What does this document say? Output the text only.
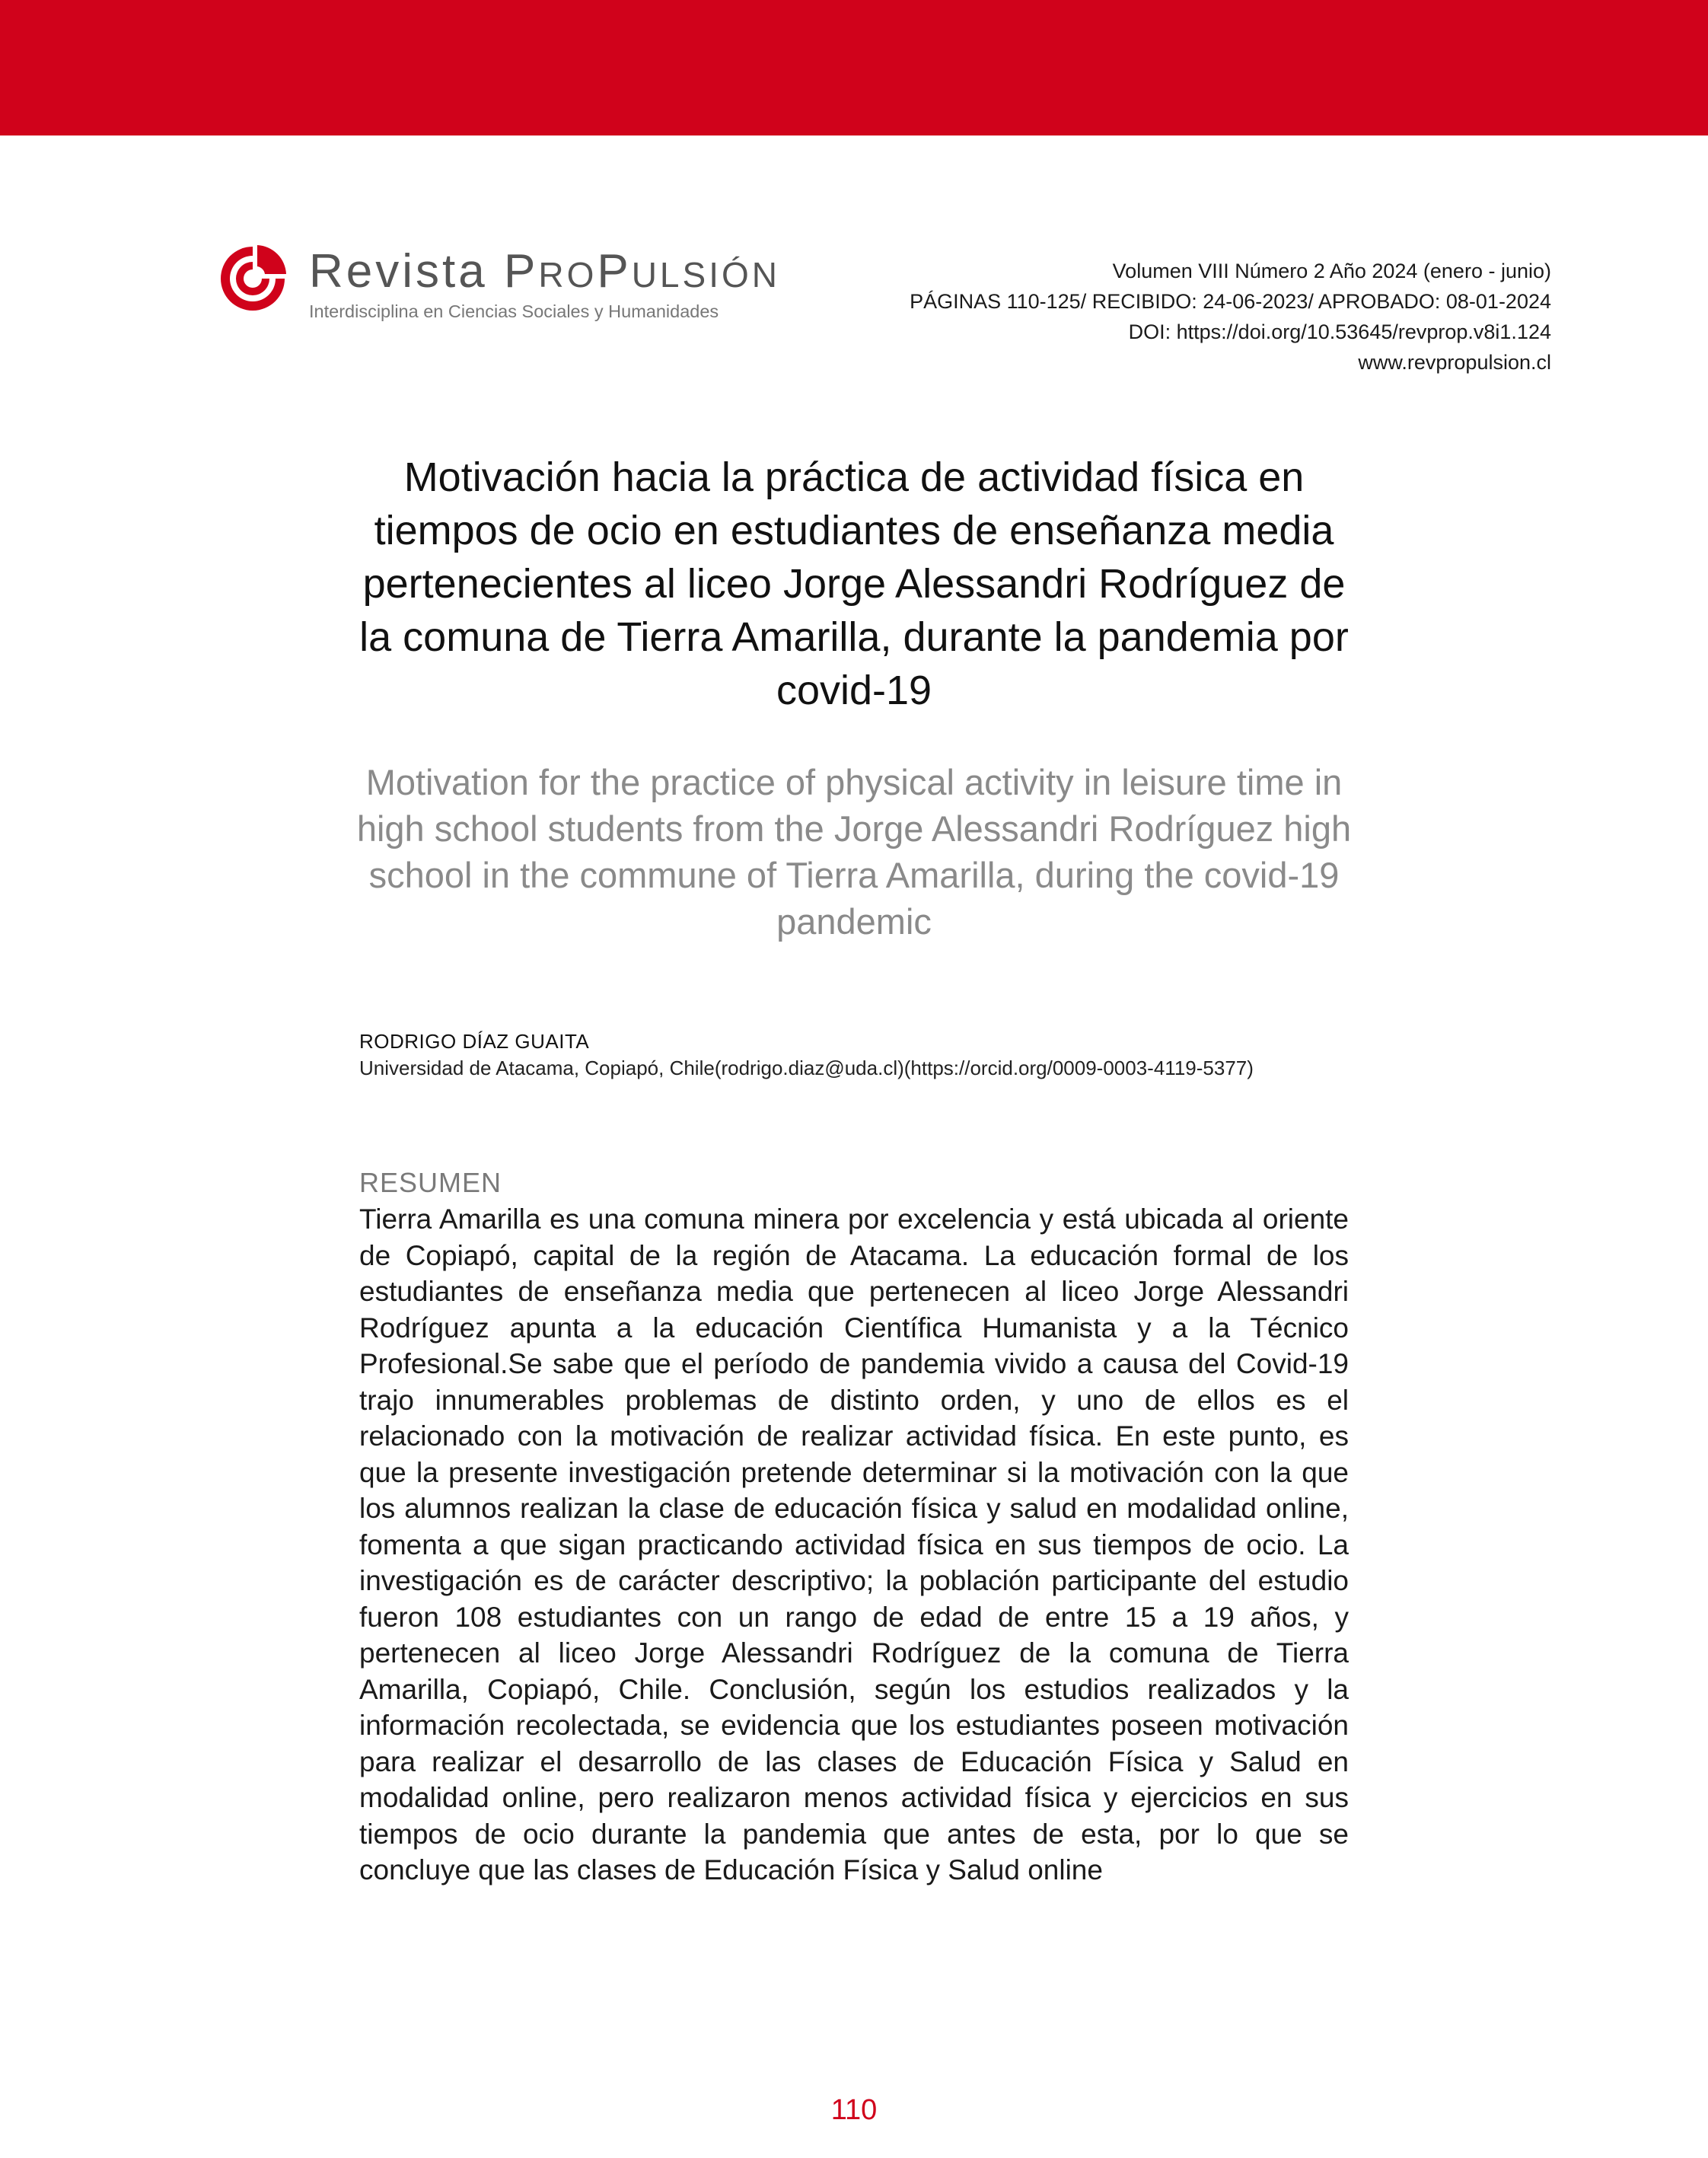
Revista PROPULSIÓN
Interdisciplina en Ciencias Sociales y Humanidades
Volumen VIII Número 2 Año 2024 (enero - junio)
PÁGINAS 110-125/ RECIBIDO: 24-06-2023/ APROBADO: 08-01-2024
DOI: https://doi.org/10.53645/revprop.v8i1.124
www.revpropulsion.cl
Motivación hacia la práctica de actividad física en
tiempos de ocio en estudiantes de enseñanza media
pertenecientes al liceo Jorge Alessandri Rodríguez de
la comuna de Tierra Amarilla, durante la pandemia por
covid-19
Motivation for the practice of physical activity in leisure time in
high school students from the Jorge Alessandri Rodríguez high
school in the commune of Tierra Amarilla, during the covid-19
pandemic
RODRIGO DÍAZ GUAITA
Universidad de Atacama, Copiapó, Chile(rodrigo.diaz@uda.cl)(https://orcid.org/0009-0003-4119-5377)
RESUMEN
Tierra Amarilla es una comuna minera por excelencia y está ubicada al oriente de Copiapó, capital de la región de Atacama. La educación formal de los estudiantes de enseñanza media que pertenecen al liceo Jorge Alessandri Rodríguez apunta a la educación Científica Humanista y a la Técnico Profesional.Se sabe que el período de pandemia vivido a causa del Covid-19 trajo innumerables problemas de distinto orden, y uno de ellos es el relacionado con la motivación de realizar actividad física. En este punto, es que la presente investigación pretende determinar si la motivación con la que los alumnos realizan la clase de educación física y salud en modalidad online, fomenta a que sigan practicando actividad física en sus tiempos de ocio. La investigación es de carácter descriptivo; la población participante del estudio fueron 108 estudiantes con un rango de edad de entre 15 a 19 años, y pertenecen al liceo Jorge Alessandri Rodríguez de la comuna de Tierra Amarilla, Copiapó, Chile. Conclusión, según los estudios realizados y la información recolectada, se evidencia que los estudiantes poseen motivación para realizar el desarrollo de las clases de Educación Física y Salud en modalidad online, pero realizaron menos actividad física y ejercicios en sus tiempos de ocio durante la pandemia que antes de esta, por lo que se concluye que las clases de Educación Física y Salud online
110
